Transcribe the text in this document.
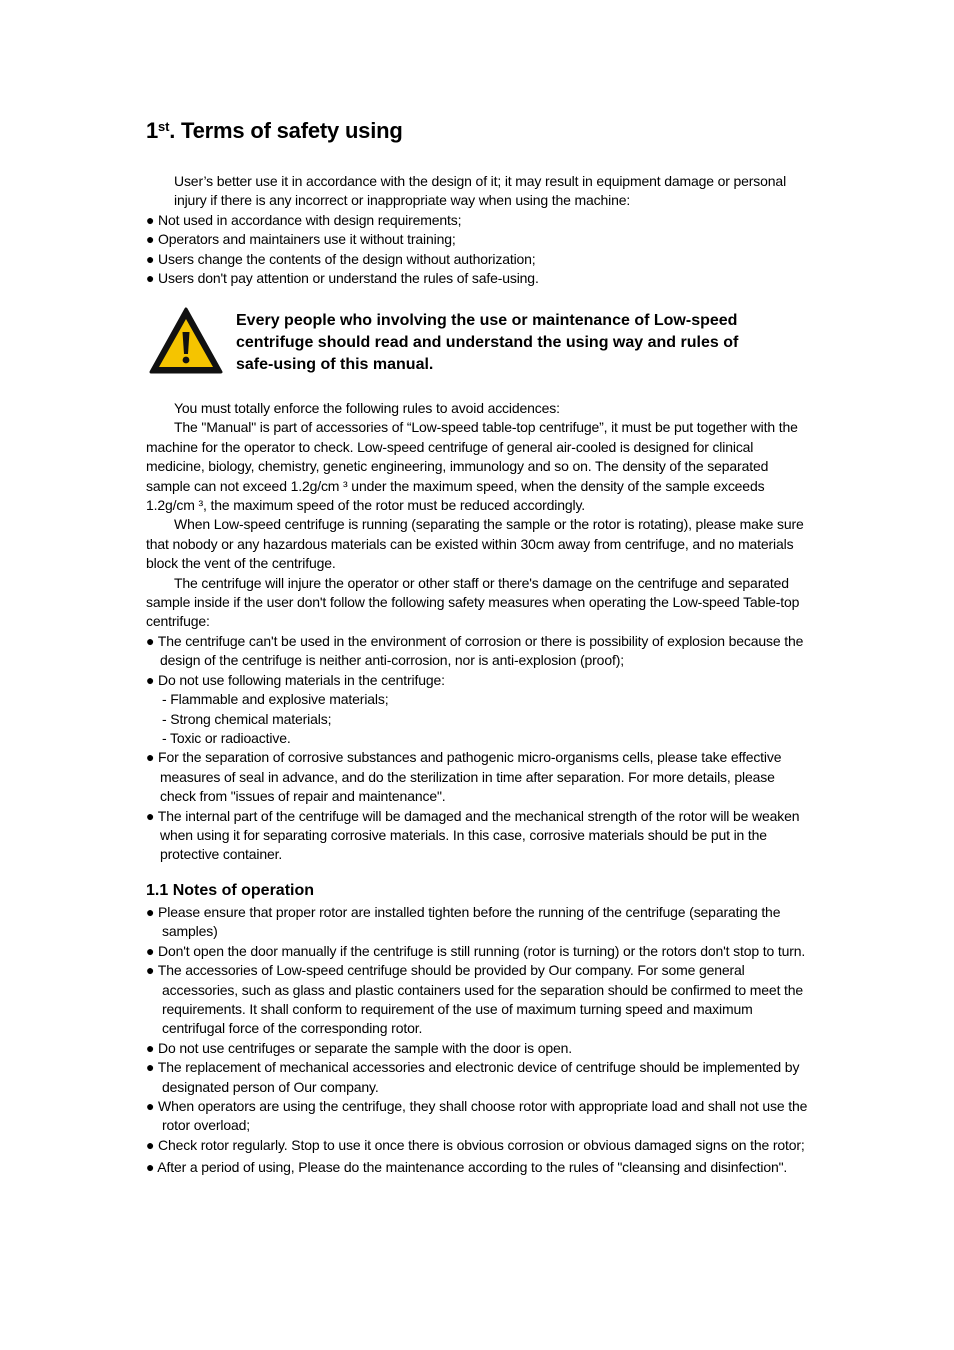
1st. Terms of safety using

User’s better use it in accordance with the design of it; it may result in equipment damage or personal

injury if there is any incorrect or inappropriate way when using the machine:

● Not used in accordance with design requirements;

● Operators and maintainers use it without training;

● Users change the contents of the design without authorization;

● Users don't pay attention or understand the rules of safe-using.

Every people who involving the use or maintenance of Low-speed

centrifuge should read and understand the using way and rules of

safe-using of this manual.

You must totally enforce the following rules to avoid accidences:

The "Manual" is part of accessories of “Low-speed table-top centrifuge”, it must be put together with the machine for the operator to check. Low-speed centrifuge of general air-cooled is designed for clinical medicine, biology, chemistry, genetic engineering, immunology and so on. The density of the separated sample can not exceed 1.2g/cm ³ under the maximum speed, when the density of the sample exceeds 1.2g/cm ³, the maximum speed of the rotor must be reduced accordingly.

When Low-speed centrifuge is running (separating the sample or the rotor is rotating), please make sure that nobody or any hazardous materials can be existed within 30cm away from centrifuge, and no materials block the vent of the centrifuge.

The centrifuge will injure the operator or other staff or there's damage on the centrifuge and separated sample inside if the user don't follow the following safety measures when operating the Low-speed Table-top centrifuge:

● The centrifuge can't be used in the environment of corrosion or there is possibility of explosion because the design of the centrifuge is neither anti-corrosion, nor is anti-explosion (proof);

● Do not use following materials in the centrifuge:

- Flammable and explosive materials;

- Strong chemical materials;

- Toxic or radioactive.

● For the separation of corrosive substances and pathogenic micro-organisms cells, please take effective measures of seal in advance, and do the sterilization in time after separation. For more details, please check from "issues of repair and maintenance".

● The internal part of the centrifuge will be damaged and the mechanical strength of the rotor will be weaken when using it for separating corrosive materials. In this case, corrosive materials should be put in the protective container.

1.1 Notes of operation

● Please ensure that proper rotor are installed tighten before the running of the centrifuge (separating the samples)

● Don't open the door manually if the centrifuge is still running (rotor is turning) or the rotors don't stop to turn.

● The accessories of Low-speed centrifuge should be provided by Our company. For some general accessories, such as glass and plastic containers used for the separation should be confirmed to meet the requirements. It shall conform to requirement of the use of maximum turning speed and maximum centrifugal force of the corresponding rotor.

● Do not use centrifuges or separate the sample with the door is open.

● The replacement of mechanical accessories and electronic device of centrifuge should be implemented by designated person of Our company.

● When operators are using the centrifuge, they shall choose rotor with appropriate load and shall not use the rotor overload;

● Check rotor regularly. Stop to use it once there is obvious corrosion or obvious damaged signs on the rotor;

● After a period of using, Please do the maintenance according to the rules of "cleansing and disinfection".
